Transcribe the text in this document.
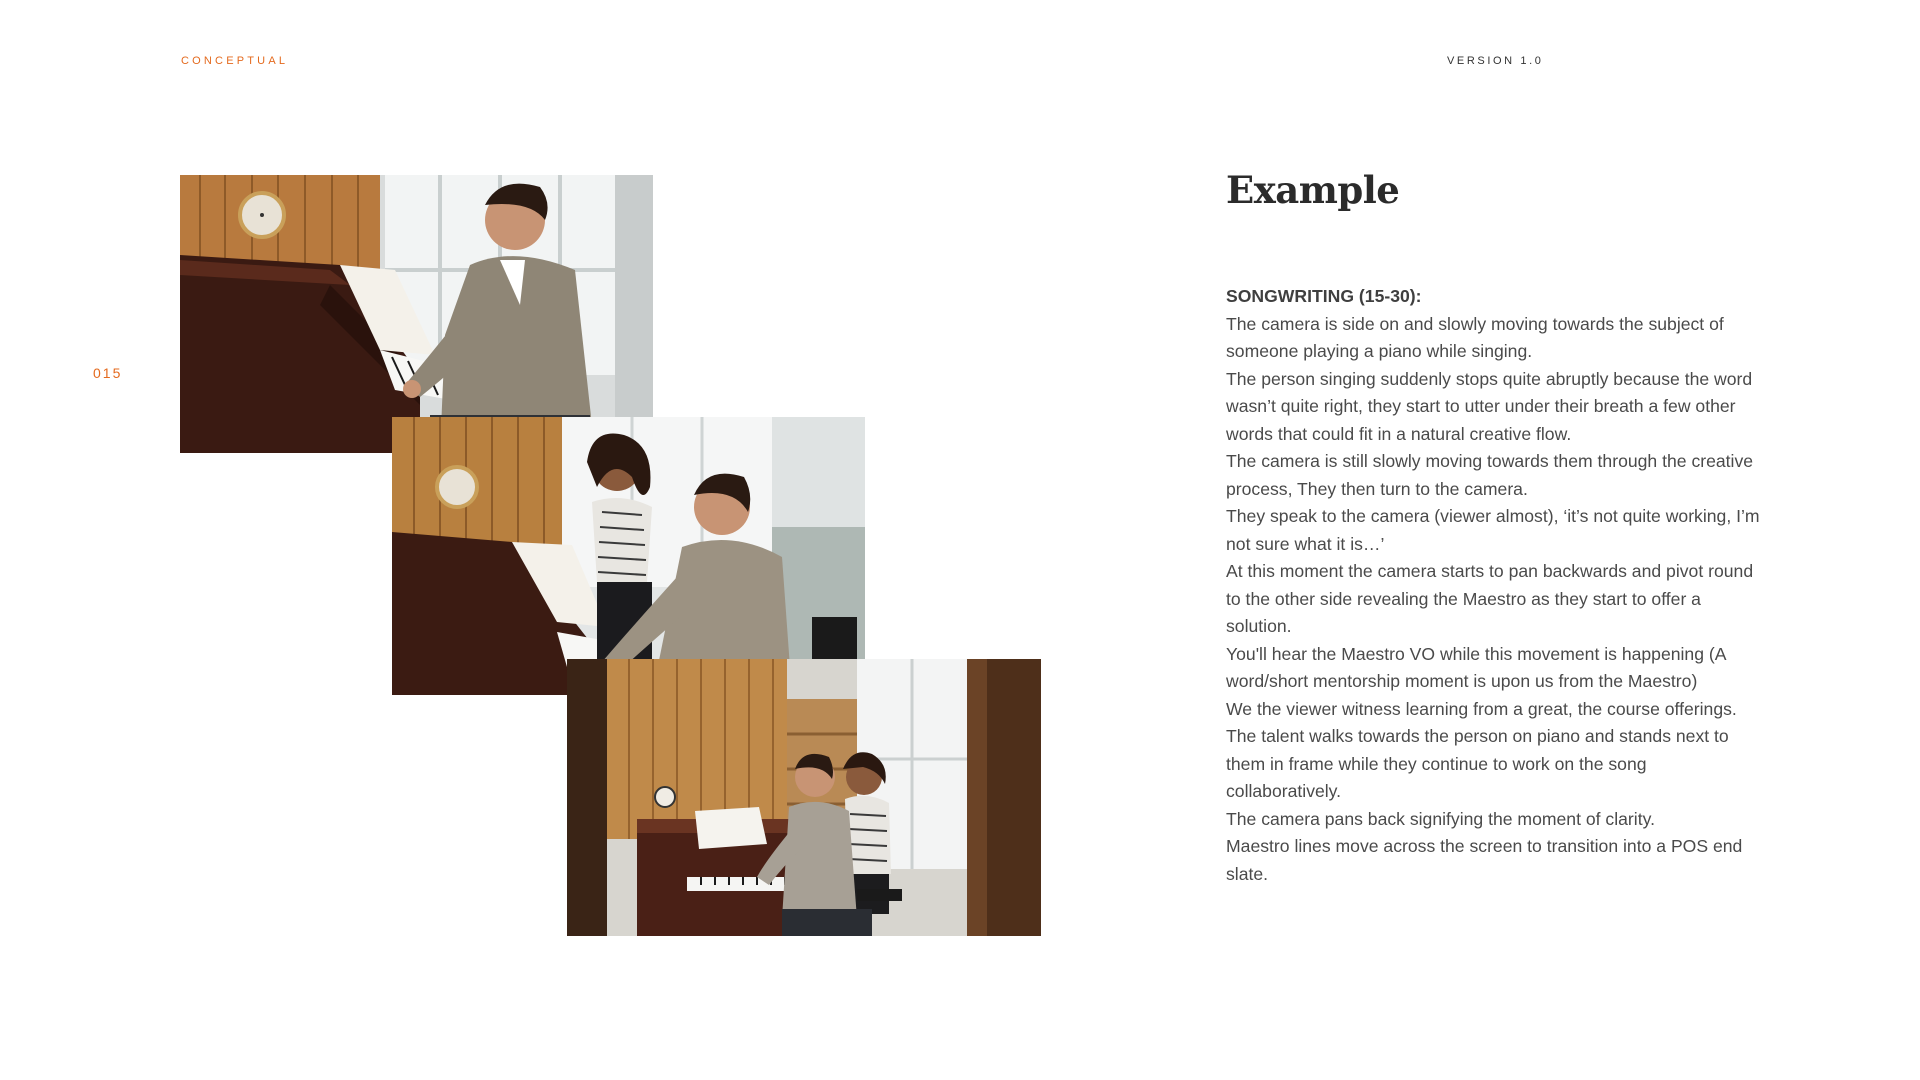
CONCEPTUAL	VERSION 1.0
015
Example

SONGWRITING (15-30):

The camera is side on and slowly moving towards the subject of someone playing a piano while singing.

The person singing suddenly stops quite abruptly because the word wasn’t quite right, they start to utter under their breath a few other words that could fit in a natural creative flow.

The camera is still slowly moving towards them through the creative process, They then turn to the camera.

They speak to the camera (viewer almost), ‘it’s not quite working, I’m not sure what it is…’

At this moment the camera starts to pan backwards and pivot round to the other side revealing the Maestro as they start to offer a solution.

You'll hear the Maestro VO while this movement is happening (A word/short mentorship moment is upon us from the Maestro)

We the viewer witness learning from a great, the course offerings.

The talent walks towards the person on piano and stands next to them in frame while they continue to work on the song collaboratively.

The camera pans back signifying the moment of clarity.

Maestro lines move across the screen to transition into a POS end slate.
